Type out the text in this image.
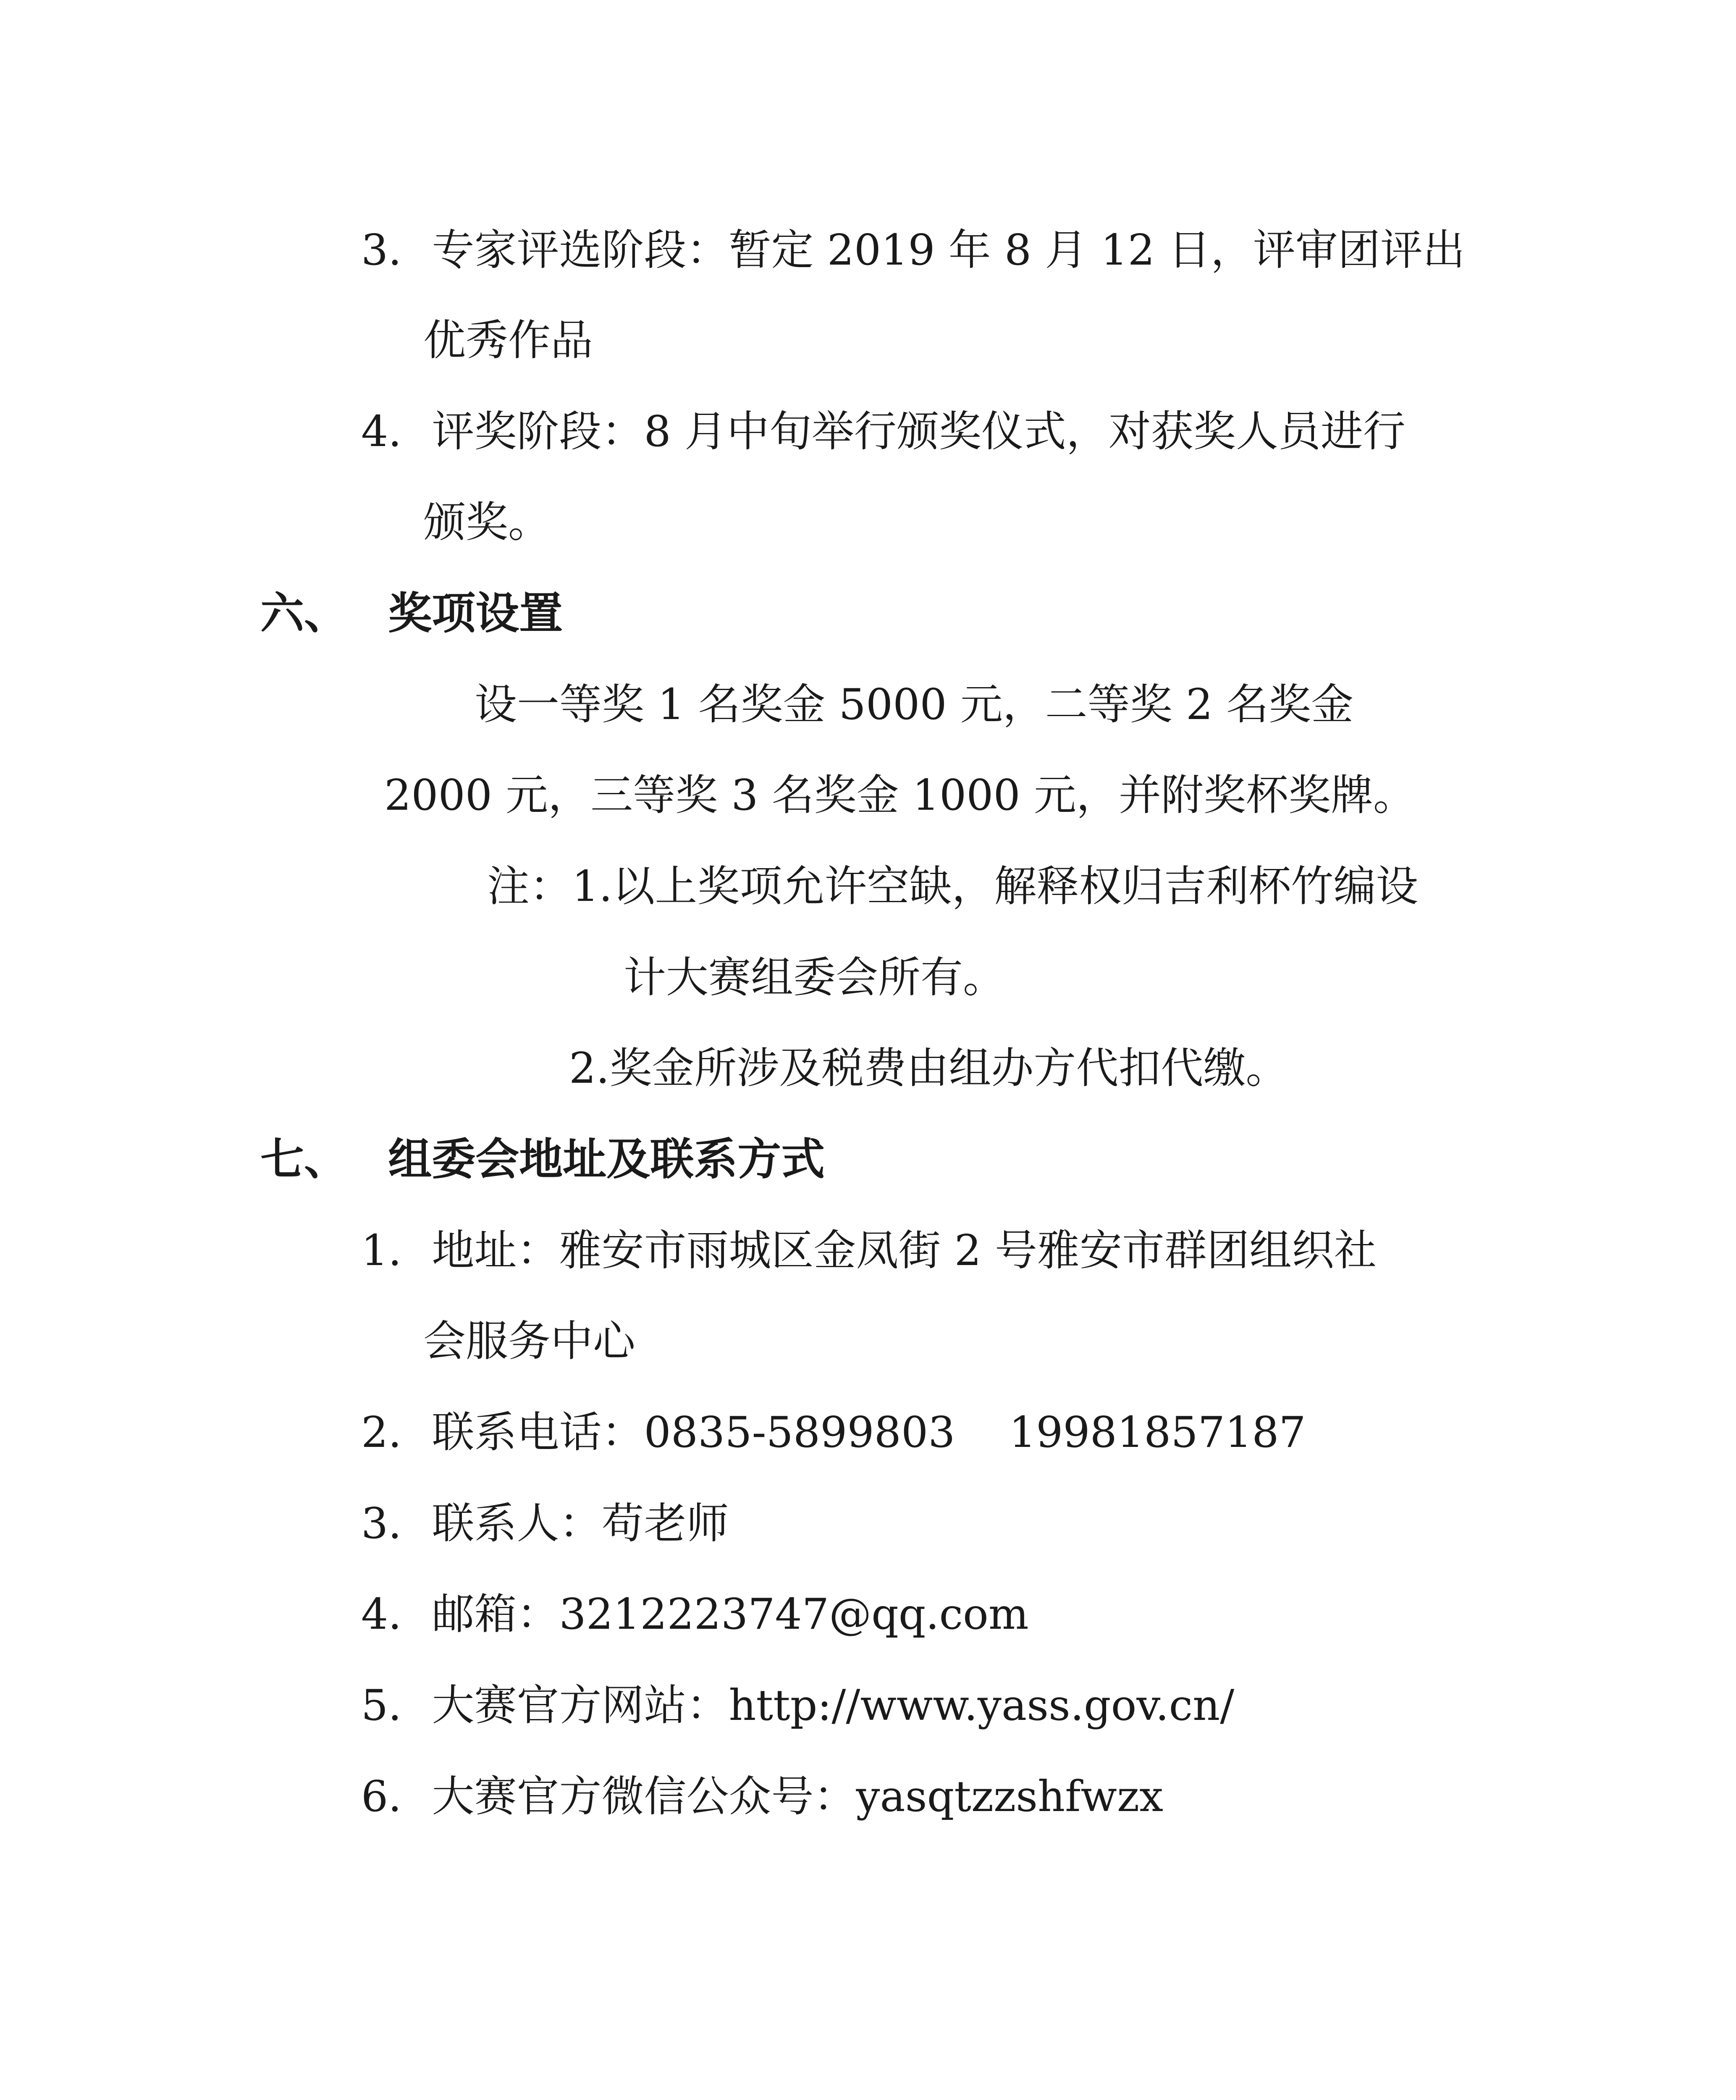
3. 专家评选阶段：暂定 2019 年 8 月 12 日，评审团评出
优秀作品
4. 评奖阶段：8 月中旬举行颁奖仪式，对获奖人员进行
颁奖。
六、 奖项设置
设一等奖 1 名奖金 5000 元，二等奖 2 名奖金
2000 元，三等奖 3 名奖金 1000 元，并附奖杯奖牌。
注：1.以上奖项允许空缺，解释权归吉利杯竹编设
计大赛组委会所有。
2.奖金所涉及税费由组办方代扣代缴。
七、 组委会地址及联系方式
1. 地址：雅安市雨城区金凤街 2 号雅安市群团组织社
会服务中心
2. 联系电话：0835-5899803    19981857187
3. 联系人：苟老师
4. 邮箱：3212223747@qq.com
5. 大赛官方网站：http://www.yass.gov.cn/
6. 大赛官方微信公众号：yasqtzzshfwzx
